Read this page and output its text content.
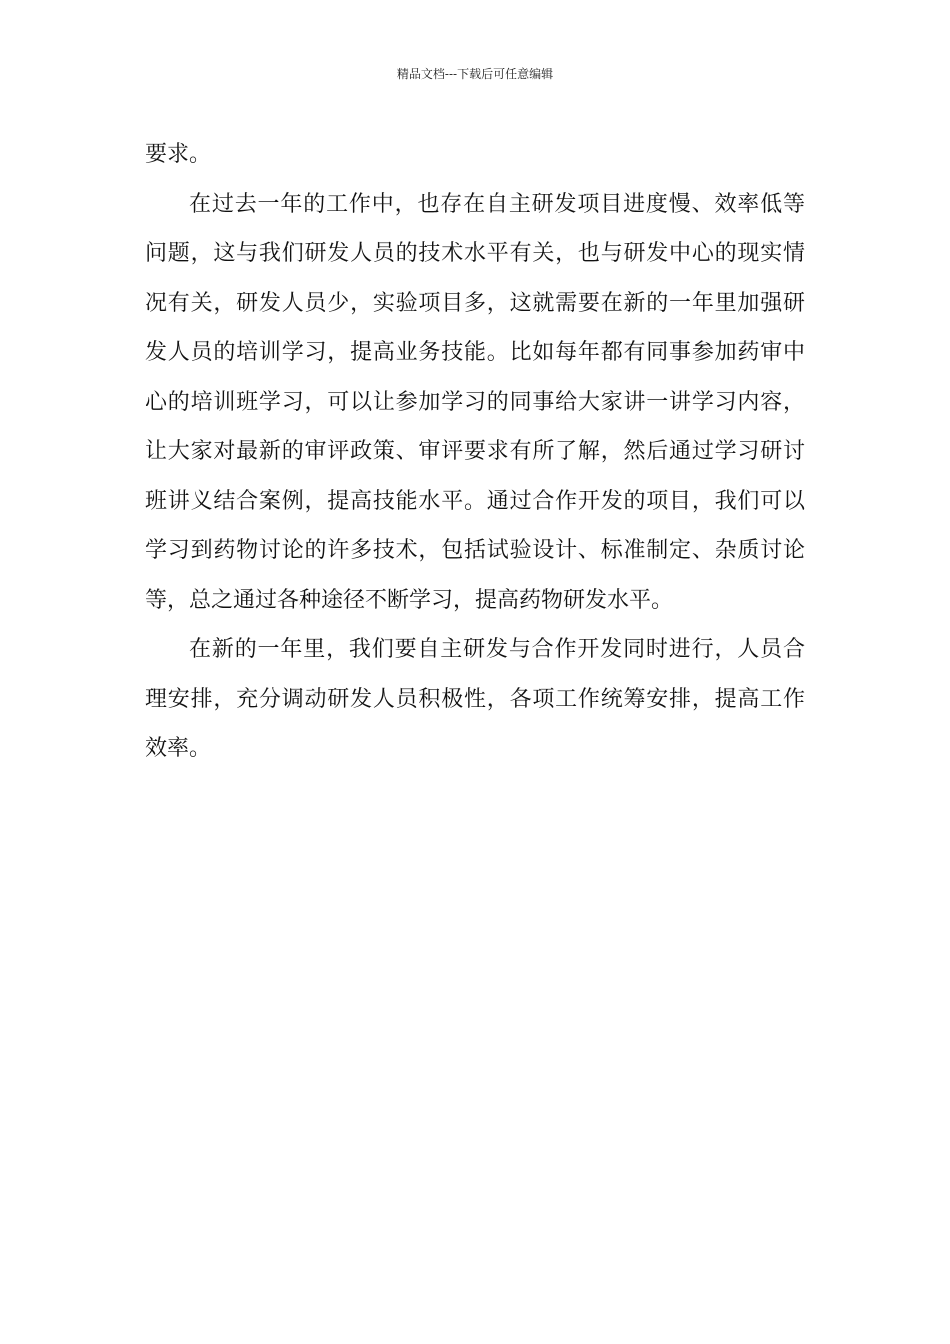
精品文档---下载后可任意编辑
要求。
在过去一年的工作中，也存在自主研发项目进度慢、效率低等
问题，这与我们研发人员的技术水平有关，也与研发中心的现实情
况有关，研发人员少，实验项目多，这就需要在新的一年里加强研
发人员的培训学习，提高业务技能。比如每年都有同事参加药审中
心的培训班学习，可以让参加学习的同事给大家讲一讲学习内容，
让大家对最新的审评政策、审评要求有所了解，然后通过学习研讨
班讲义结合案例，提高技能水平。通过合作开发的项目，我们可以
学习到药物讨论的许多技术，包括试验设计、标准制定、杂质讨论
等，总之通过各种途径不断学习，提高药物研发水平。
在新的一年里，我们要自主研发与合作开发同时进行，人员合
理安排，充分调动研发人员积极性，各项工作统筹安排，提高工作
效率。
